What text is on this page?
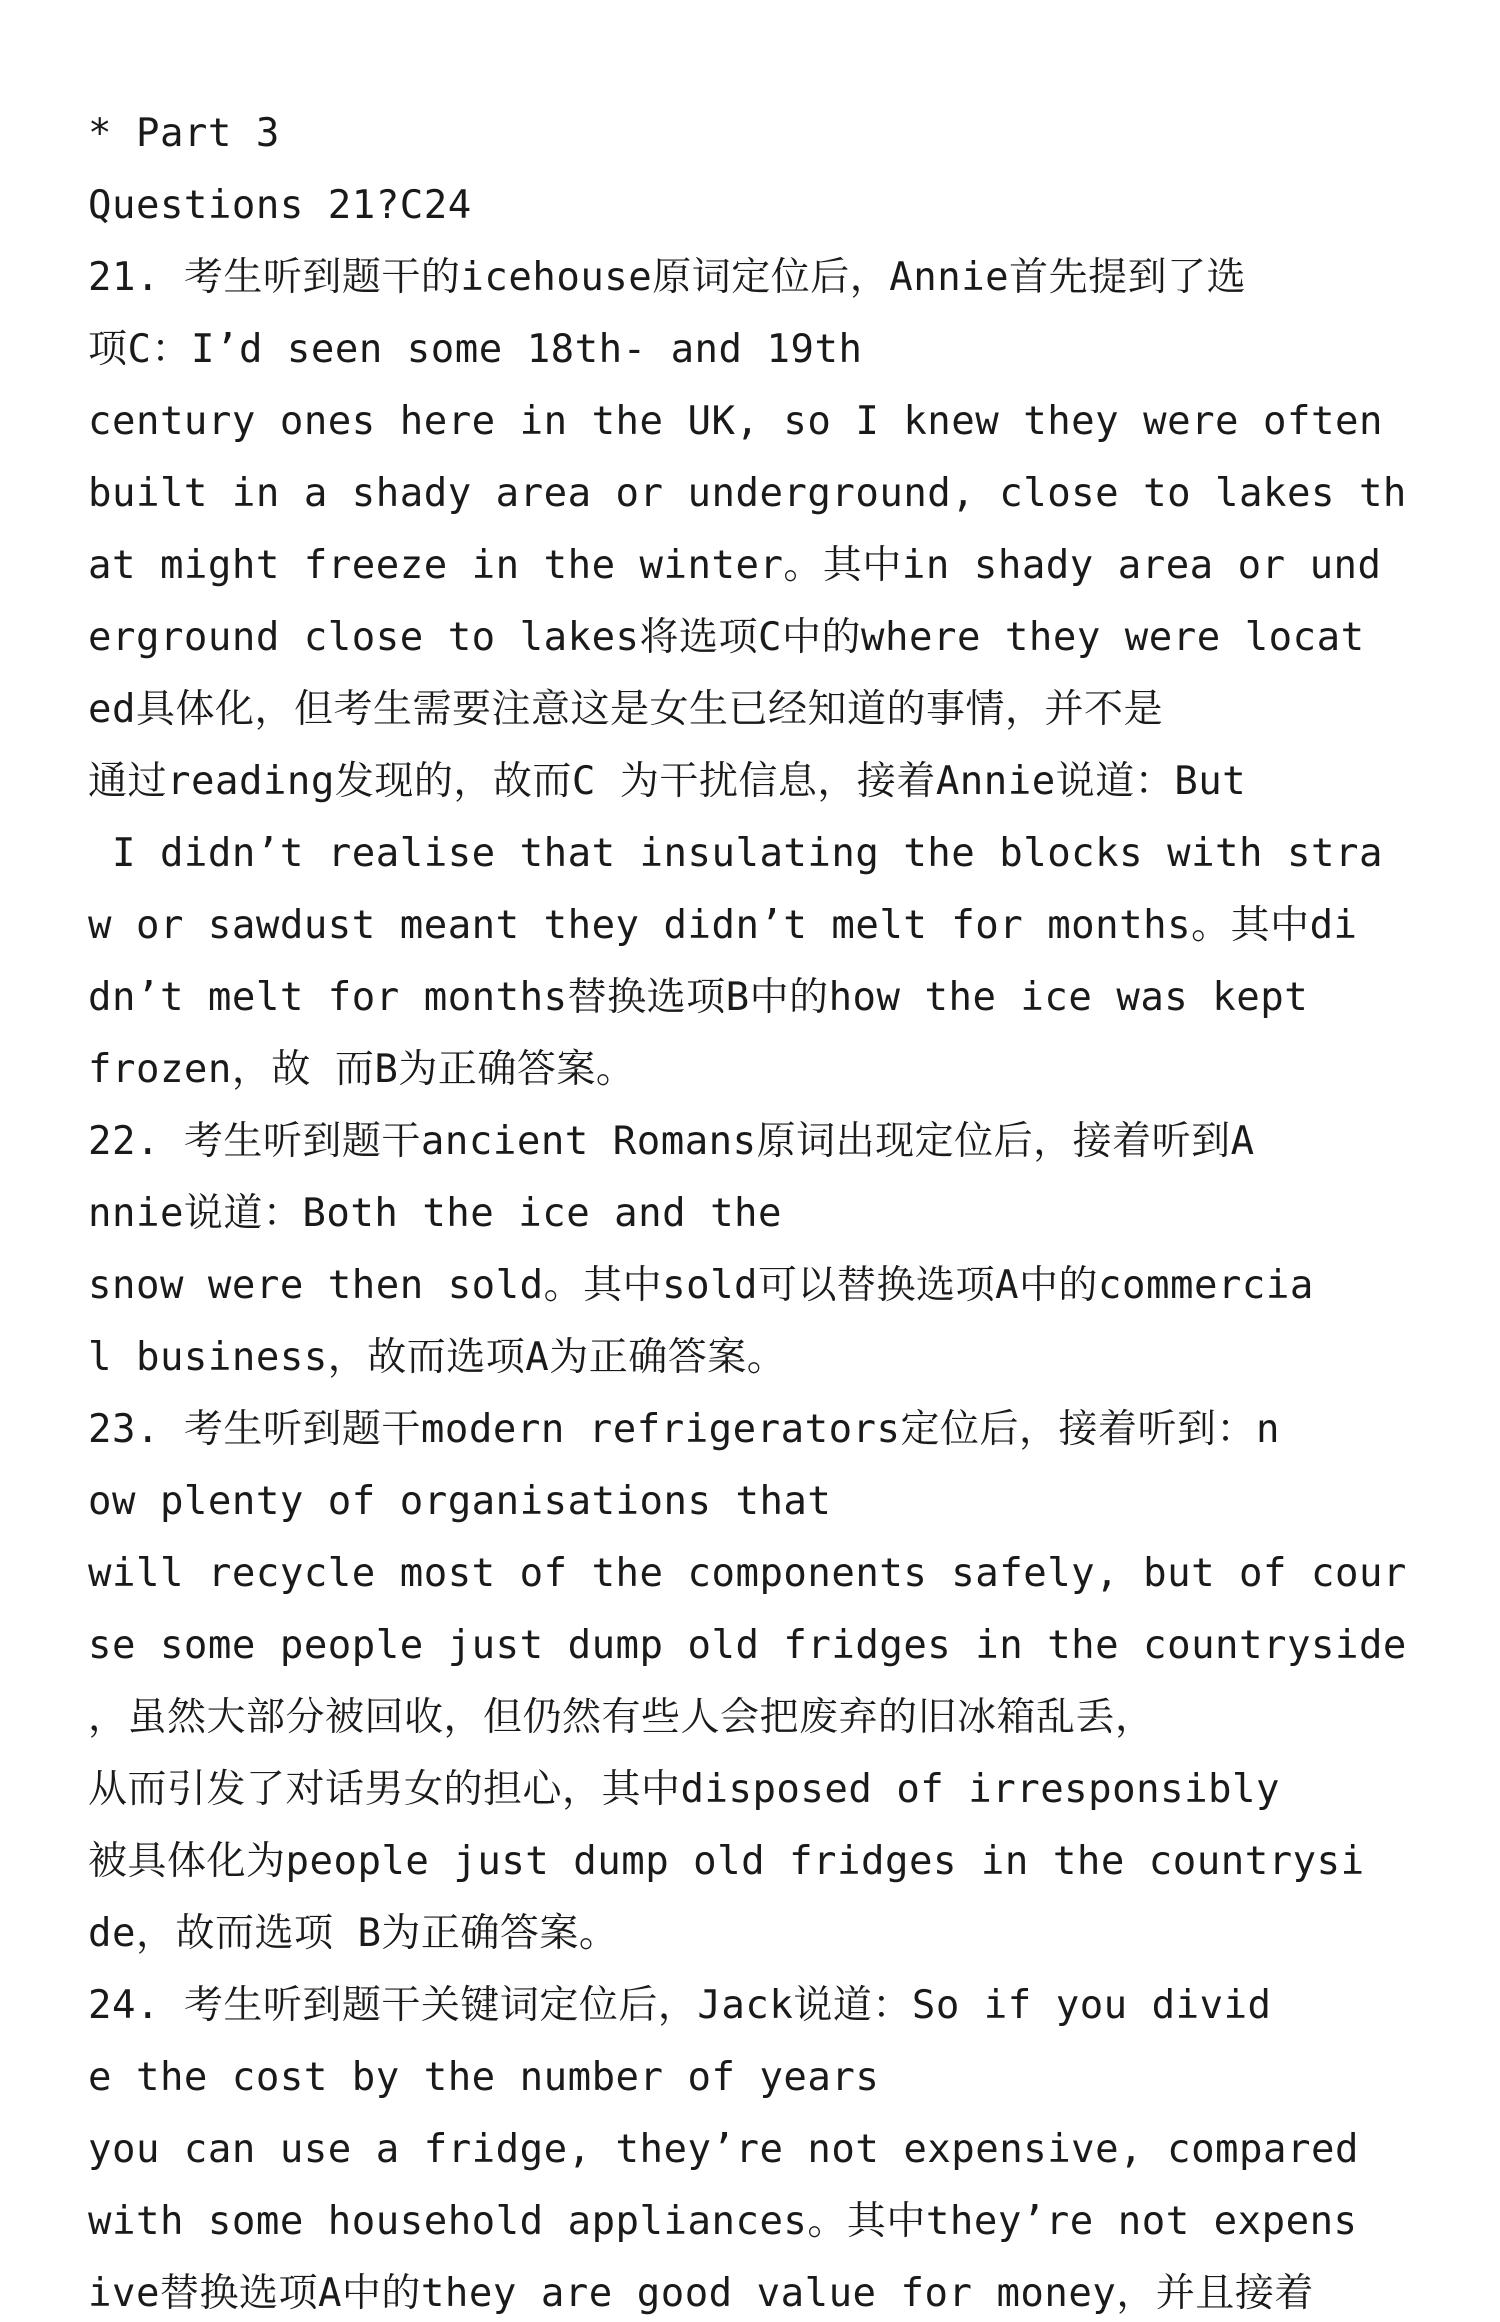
* Part 3
Questions 21?C24
21. 考生听到题干的icehouse原词定位后，Annie首先提到了选
项C：I’d seen some 18th- and 19th
century ones here in the UK, so I knew they were often
built in a shady area or underground, close to lakes th
at might freeze in the winter。其中in shady area or und
erground close to lakes将选项C中的where they were locat
ed具体化，但考生需要注意这是女生已经知道的事情，并不是
通过reading发现的，故而C 为干扰信息，接着Annie说道：But
I didn’t realise that insulating the blocks with stra
w or sawdust meant they didn’t melt for months。其中di
dn’t melt for months替换选项B中的how the ice was kept
frozen，故 而B为正确答案。
22. 考生听到题干ancient Romans原词出现定位后，接着听到A
nnie说道：Both the ice and the
snow were then sold。其中sold可以替换选项A中的commercia
l business，故而选项A为正确答案。
23. 考生听到题干modern refrigerators定位后，接着听到：n
ow plenty of organisations that
will recycle most of the components safely, but of cour
se some people just dump old fridges in the countryside
，虽然大部分被回收，但仍然有些人会把废弃的旧冰箱乱丢，
从而引发了对话男女的担心，其中disposed of irresponsibly
被具体化为people just dump old fridges in the countrysi
de，故而选项 B为正确答案。
24. 考生听到题干关键词定位后，Jack说道：So if you divid
e the cost by the number of years
you can use a fridge, they’re not expensive, compared
with some household appliances。其中they’re not expens
ive替换选项A中的they are good value for money，并且接着
